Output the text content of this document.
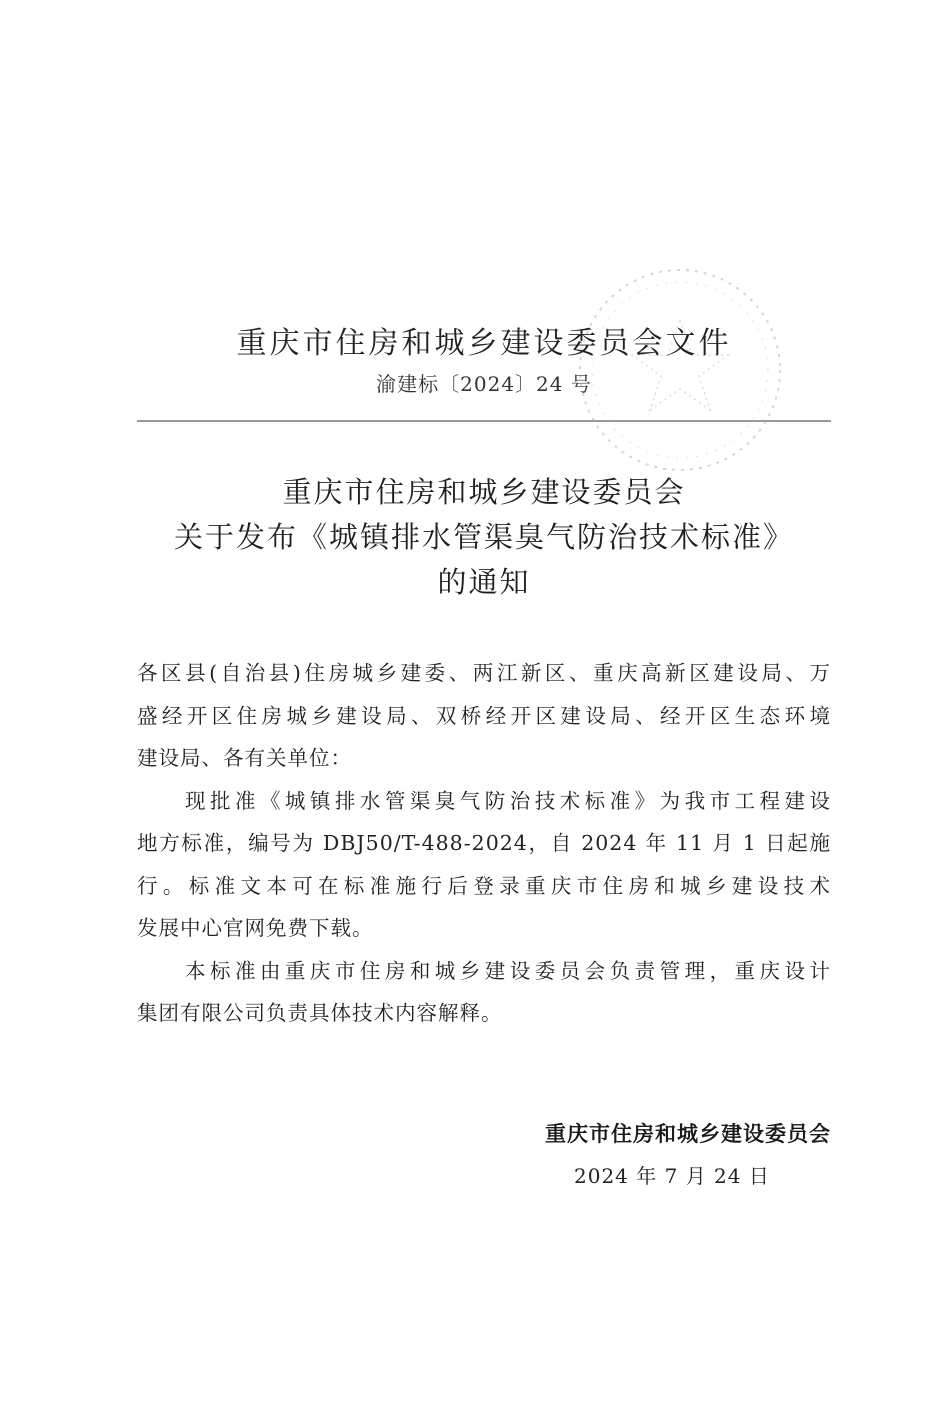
重庆市住房和城乡建设委员会文件
渝建标〔2024〕24 号
重庆市住房和城乡建设委员会
关于发布《城镇排水管渠臭气防治技术标准》
的通知
各区县(自治县)住房城乡建委、两江新区、重庆高新区建设局、万
盛经开区住房城乡建设局、双桥经开区建设局、经开区生态环境
建设局、各有关单位：
现批准《城镇排水管渠臭气防治技术标准》为我市工程建设
地方标准，编号为 DBJ50/T-488-2024，自 2024 年 11 月 1 日起施
行。标准文本可在标准施行后登录重庆市住房和城乡建设技术
发展中心官网免费下载。
本标准由重庆市住房和城乡建设委员会负责管理，重庆设计
集团有限公司负责具体技术内容解释。
重庆市住房和城乡建设委员会
2024 年 7 月 24 日
